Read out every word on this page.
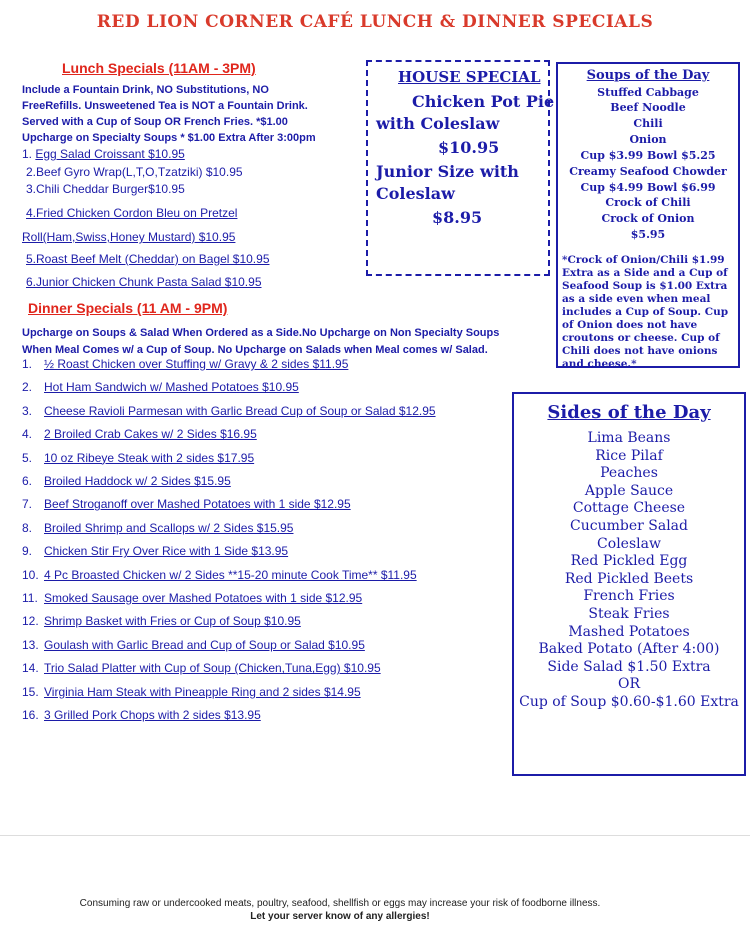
RED LION CORNER CAFÉ LUNCH & DINNER SPECIALS
Lunch Specials (11AM - 3PM)
Include a Fountain Drink, NO Substitutions, NO
FreeRefills. Unsweetened Tea is NOT a Fountain Drink.
Served with a Cup of Soup OR French Fries. *$1.00
Upcharge on Specialty Soups * $1.00 Extra After 3:00pm
1. Egg Salad Croissant $10.95
2.Beef Gyro Wrap(L,T,O,Tzatziki) $10.95
3.Chili Cheddar Burger$10.95
4.Fried Chicken Cordon Bleu on Pretzel
Roll(Ham,Swiss,Honey Mustard) $10.95
5.Roast Beef Melt (Cheddar) on Bagel $10.95
6.Junior Chicken Chunk Pasta Salad $10.95
Dinner Specials (11 AM - 9PM)
Upcharge on Soups & Salad When Ordered as a Side.No Upcharge on Non Specialty Soups
When Meal Comes w/ a Cup of Soup. No Upcharge on Salads when Meal comes w/ Salad.
1. ½ Roast Chicken over Stuffing w/ Gravy & 2 sides $11.95
2. Hot Ham Sandwich w/ Mashed Potatoes $10.95
3. Cheese Ravioli Parmesan with Garlic Bread Cup of Soup or Salad $12.95
4. 2 Broiled Crab Cakes w/ 2 Sides $16.95
5. 10 oz Ribeye Steak with 2 sides $17.95
6. Broiled Haddock w/ 2 Sides $15.95
7. Beef Stroganoff over Mashed Potatoes with 1 side $12.95
8. Broiled Shrimp and Scallops w/ 2 Sides $15.95
9. Chicken Stir Fry Over Rice with 1 Side $13.95
10. 4 Pc Broasted Chicken w/ 2 Sides **15-20 minute Cook Time** $11.95
11. Smoked Sausage over Mashed Potatoes with 1 side $12.95
12. Shrimp Basket with Fries or Cup of Soup $10.95
13. Goulash with Garlic Bread and Cup of Soup or Salad $10.95
14. Trio Salad Platter with Cup of Soup (Chicken,Tuna,Egg) $10.95
15. Virginia Ham Steak with Pineapple Ring and 2 sides $14.95
16. 3 Grilled Pork Chops with 2 sides $13.95
HOUSE SPECIAL
Chicken Pot Pie
with Coleslaw
$10.95
Junior Size with
Coleslaw
$8.95
Soups of the Day
Stuffed Cabbage
Beef Noodle
Chili
Onion
Cup $3.99 Bowl $5.25
Creamy Seafood Chowder
Cup $4.99 Bowl $6.99
Crock of Chili
Crock of Onion
$5.95
*Crock of Onion/Chili $1.99 Extra as a Side and a Cup of Seafood Soup is $1.00 Extra as a side even when meal includes a Cup of Soup. Cup of Onion does not have croutons or cheese. Cup of Chili does not have onions and cheese.*
Sides of the Day
Lima Beans
Rice Pilaf
Peaches
Apple Sauce
Cottage Cheese
Cucumber Salad
Coleslaw
Red Pickled Egg
Red Pickled Beets
French Fries
Steak Fries
Mashed Potatoes
Baked Potato (After 4:00)
Side Salad $1.50 Extra
OR
Cup of Soup $0.60-$1.60 Extra
Consuming raw or undercooked meats, poultry, seafood, shellfish or eggs may increase your risk of foodborne illness.
Let your server know of any allergies!
